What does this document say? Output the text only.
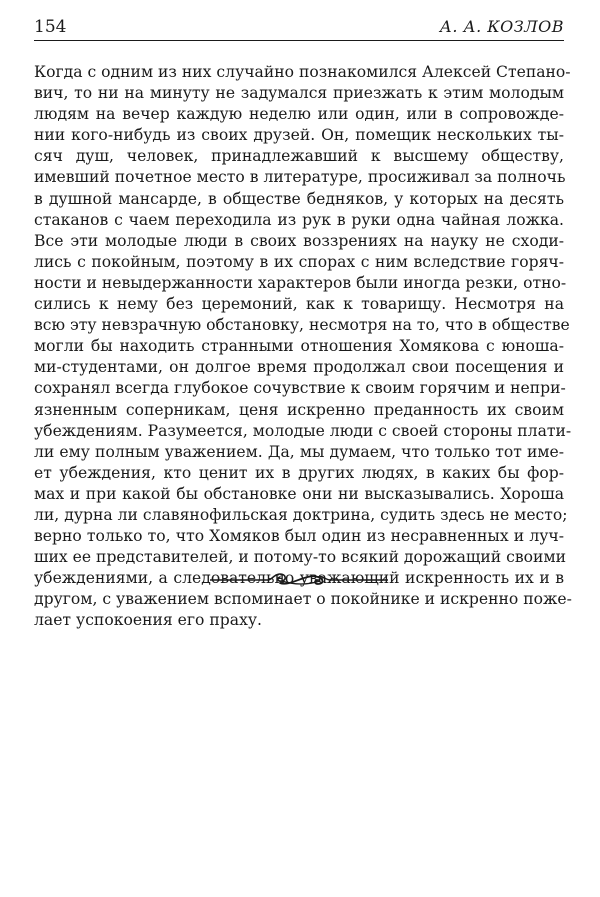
154	А. А. КОЗЛОВ
Когда с одним из них случайно познакомился Алексей Степано-
вич, то ни на минуту не задумался приезжать к этим молодым
людям на вечер каждую неделю или один, или в сопровожде-
нии кого-нибудь из своих друзей. Он, помещик нескольких ты-
сяч душ, человек, принадлежавший к высшему обществу,
имевший почетное место в литературе, просиживал за полночь
в душной мансарде, в обществе бедняков, у которых на десять
стаканов с чаем переходила из рук в руки одна чайная ложка.
Все эти молодые люди в своих воззрениях на науку не сходи-
лись с покойным, поэтому в их спорах с ним вследствие горяч-
ности и невыдержанности характеров были иногда резки, отно-
сились к нему без церемоний, как к товарищу. Несмотря на
всю эту невзрачную обстановку, несмотря на то, что в обществе
могли бы находить странными отношения Хомякова с юноша-
ми-студентами, он долгое время продолжал свои посещения и
сохранял всегда глубокое сочувствие к своим горячим и непри-
язненным соперникам, ценя искренно преданность их своим
убеждениям. Разумеется, молодые люди с своей стороны плати-
ли ему полным уважением. Да, мы думаем, что только тот име-
ет убеждения, кто ценит их в других людях, в каких бы фор-
мах и при какой бы обстановке они ни высказывались. Хороша
ли, дурна ли славянофильская доктрина, судить здесь не место;
верно только то, что Хомяков был один из несравненных и луч-
ших ее представителей, и потому-то всякий дорожащий своими
убеждениями, а следовательно уважающий искренность их и в
другом, с уважением вспоминает о покойнике и искренно поже-
лает успокоения его праху.
